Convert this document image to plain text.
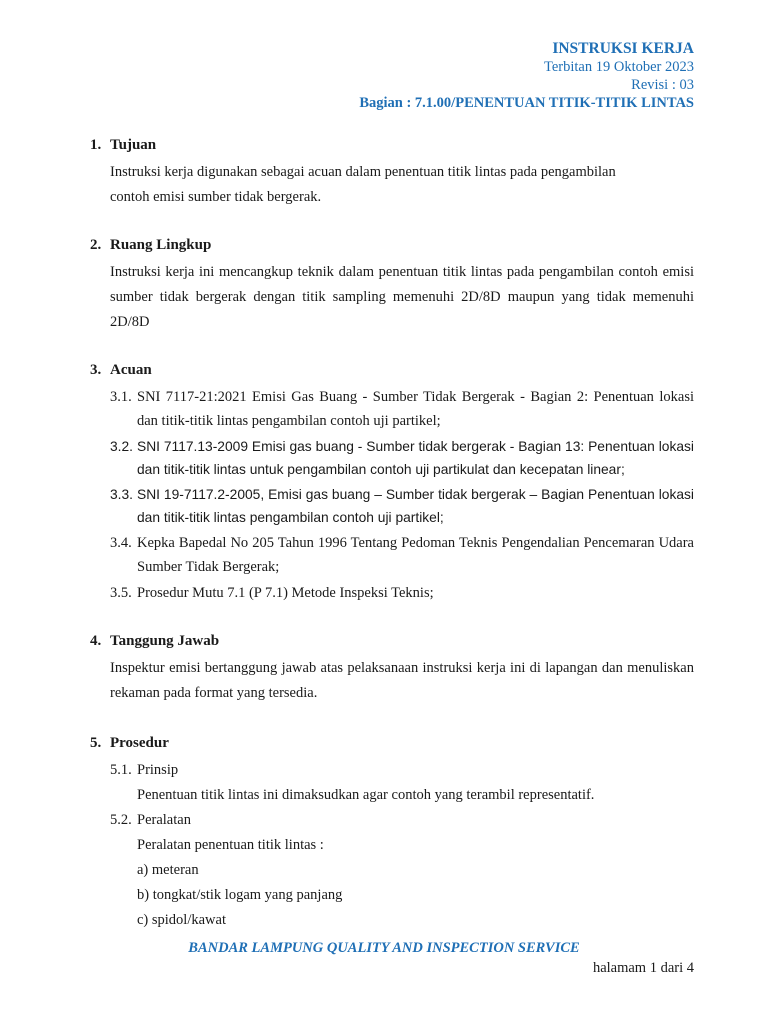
INSTRUKSI KERJA
Terbitan 19 Oktober 2023
Revisi : 03
Bagian : 7.1.00/PENENTUAN TITIK-TITIK LINTAS
1. Tujuan
Instruksi kerja digunakan sebagai acuan dalam penentuan titik lintas pada pengambilan
contoh emisi sumber tidak bergerak.
2. Ruang Lingkup
Instruksi kerja ini mencangkup teknik dalam penentuan titik lintas pada pengambilan contoh emisi sumber tidak bergerak dengan titik sampling memenuhi 2D/8D maupun yang tidak memenuhi 2D/8D
3. Acuan
3.1. SNI 7117-21:2021 Emisi Gas Buang - Sumber Tidak Bergerak - Bagian 2: Penentuan lokasi dan titik-titik lintas pengambilan contoh uji partikel;
3.2. SNI 7117.13-2009 Emisi gas buang - Sumber tidak bergerak - Bagian 13: Penentuan lokasi dan titik-titik lintas untuk pengambilan contoh uji partikulat dan kecepatan linear;
3.3. SNI 19-7117.2-2005, Emisi gas buang – Sumber tidak bergerak – Bagian Penentuan lokasi dan titik-titik lintas pengambilan contoh uji partikel;
3.4. Kepka Bapedal No 205 Tahun 1996 Tentang Pedoman Teknis Pengendalian Pencemaran Udara Sumber Tidak Bergerak;
3.5. Prosedur Mutu 7.1 (P 7.1) Metode Inspeksi Teknis;
4. Tanggung Jawab
Inspektur emisi bertanggung jawab atas pelaksanaan instruksi kerja ini di lapangan dan menuliskan rekaman pada format yang tersedia.
5. Prosedur
5.1. Prinsip
Penentuan titik lintas ini dimaksudkan agar contoh yang terambil representatif.
5.2. Peralatan
Peralatan penentuan titik lintas :
a) meteran
b) tongkat/stik logam yang panjang
c) spidol/kawat
BANDAR LAMPUNG QUALITY AND INSPECTION SERVICE
halamam 1 dari 4
